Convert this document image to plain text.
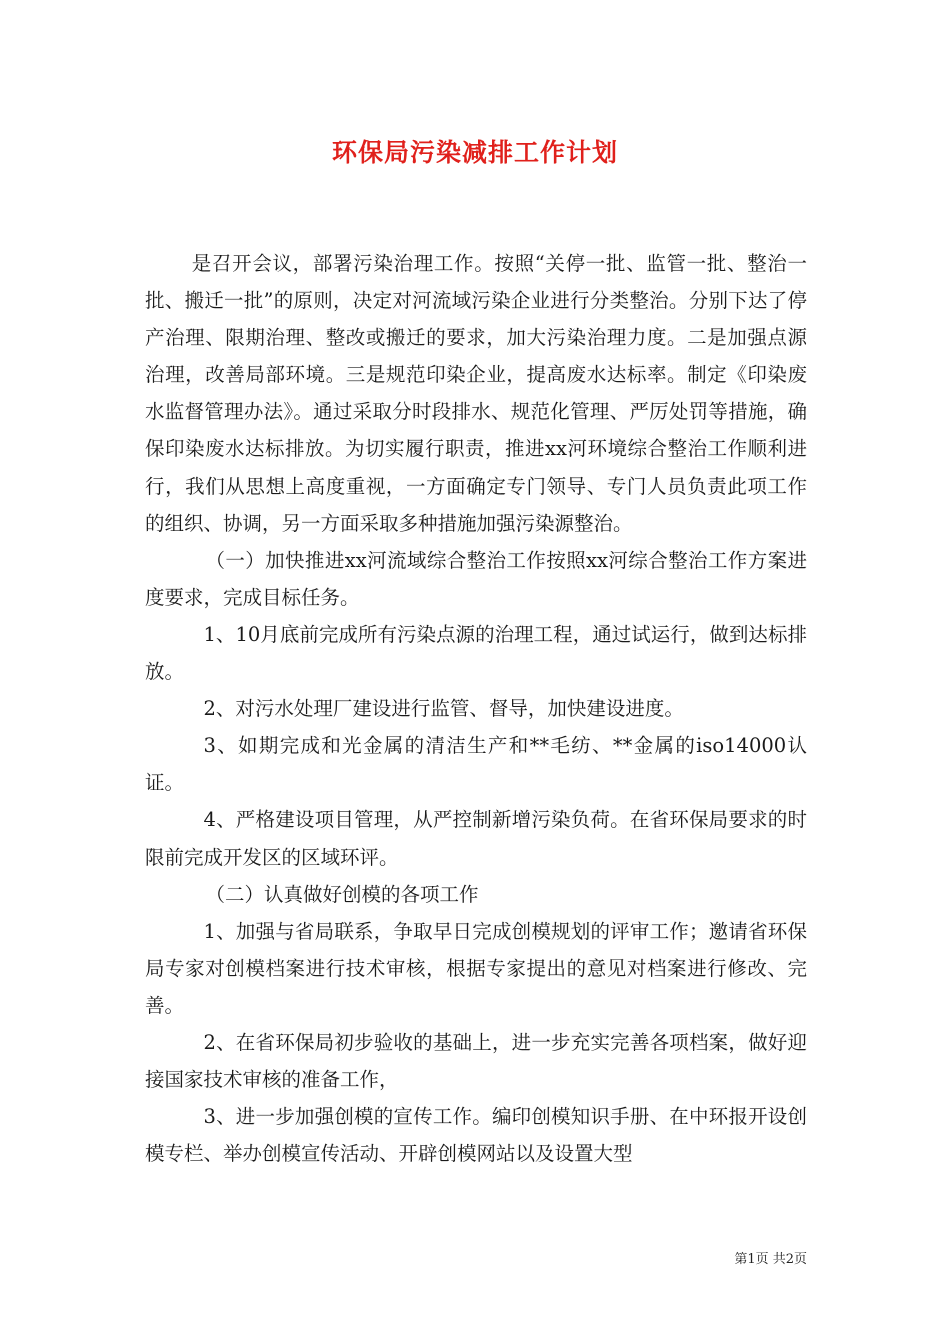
环保局污染减排工作计划

是召开会议，部署污染治理工作。按照“关停一批、监管一批、整治一批、搬迁一批”的原则，决定对河流域污染企业进行分类整治。分别下达了停产治理、限期治理、整改或搬迁的要求，加大污染治理力度。二是加强点源治理，改善局部环境。三是规范印染企业，提高废水达标率。制定《印染废水监督管理办法》。通过采取分时段排水、规范化管理、严厉处罚等措施，确保印染废水达标排放。为切实履行职责，推进xx河环境综合整治工作顺利进行，我们从思想上高度重视，一方面确定专门领导、专门人员负责此项工作的组织、协调，另一方面采取多种措施加强污染源整治。

（一）加快推进xx河流域综合整治工作按照xx河综合整治工作方案进度要求，完成目标任务。

1、10月底前完成所有污染点源的治理工程，通过试运行，做到达标排放。

2、对污水处理厂建设进行监管、督导，加快建设进度。

3、如期完成和光金属的清洁生产和**毛纺、**金属的iso14000认证。

4、严格建设项目管理，从严控制新增污染负荷。在省环保局要求的时限前完成开发区的区域环评。

（二）认真做好创模的各项工作

1、加强与省局联系，争取早日完成创模规划的评审工作；邀请省环保局专家对创模档案进行技术审核，根据专家提出的意见对档案进行修改、完善。

2、在省环保局初步验收的基础上，进一步充实完善各项档案，做好迎接国家技术审核的准备工作，

3、进一步加强创模的宣传工作。编印创模知识手册、在中环报开设创模专栏、举办创模宣传活动、开辟创模网站以及设置大型

第1页 共2页
